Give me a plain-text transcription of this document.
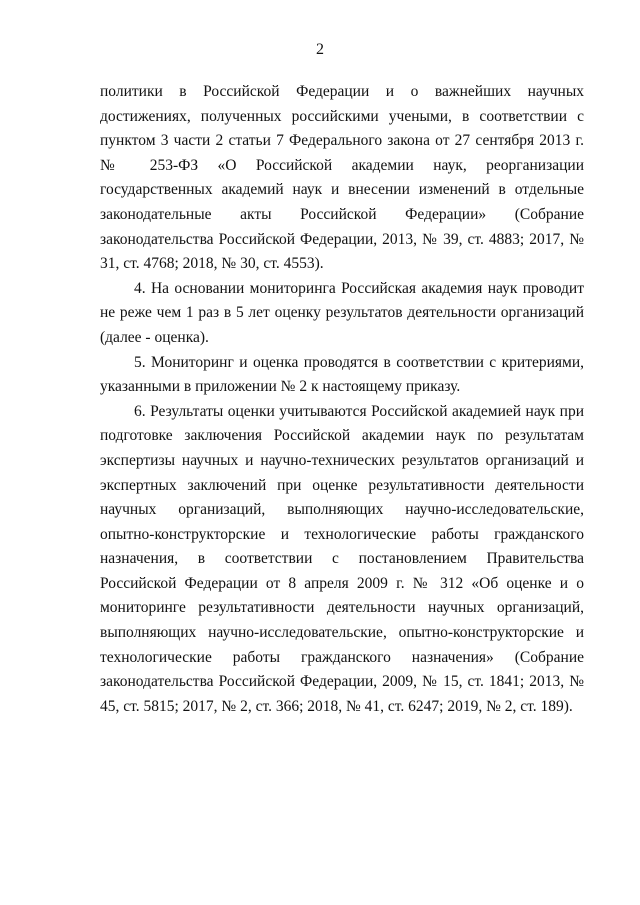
2

политики в Российской Федерации и о важнейших научных достижениях, полученных российскими учеными, в соответствии с пунктом 3 части 2 статьи 7 Федерального закона от 27 сентября 2013 г. № 253-ФЗ «О Российской академии наук, реорганизации государственных академий наук и внесении изменений в отдельные законодательные акты Российской Федерации» (Собрание законодательства Российской Федерации, 2013, № 39, ст. 4883; 2017, № 31, ст. 4768; 2018, № 30, ст. 4553).

4. На основании мониторинга Российская академия наук проводит не реже чем 1 раз в 5 лет оценку результатов деятельности организаций (далее - оценка).

5. Мониторинг и оценка проводятся в соответствии с критериями, указанными в приложении № 2 к настоящему приказу.

6. Результаты оценки учитываются Российской академией наук при подготовке заключения Российской академии наук по результатам экспертизы научных и научно-технических результатов организаций и экспертных заключений при оценке результативности деятельности научных организаций, выполняющих научно-исследовательские, опытно-конструкторские и технологические работы гражданского назначения, в соответствии с постановлением Правительства Российской Федерации от 8 апреля 2009 г. № 312 «Об оценке и о мониторинге результативности деятельности научных организаций, выполняющих научно-исследовательские, опытно-конструкторские и технологические работы гражданского назначения» (Собрание законодательства Российской Федерации, 2009, № 15, ст. 1841; 2013, № 45, ст. 5815; 2017, № 2, ст. 366; 2018, № 41, ст. 6247; 2019, № 2, ст. 189).
